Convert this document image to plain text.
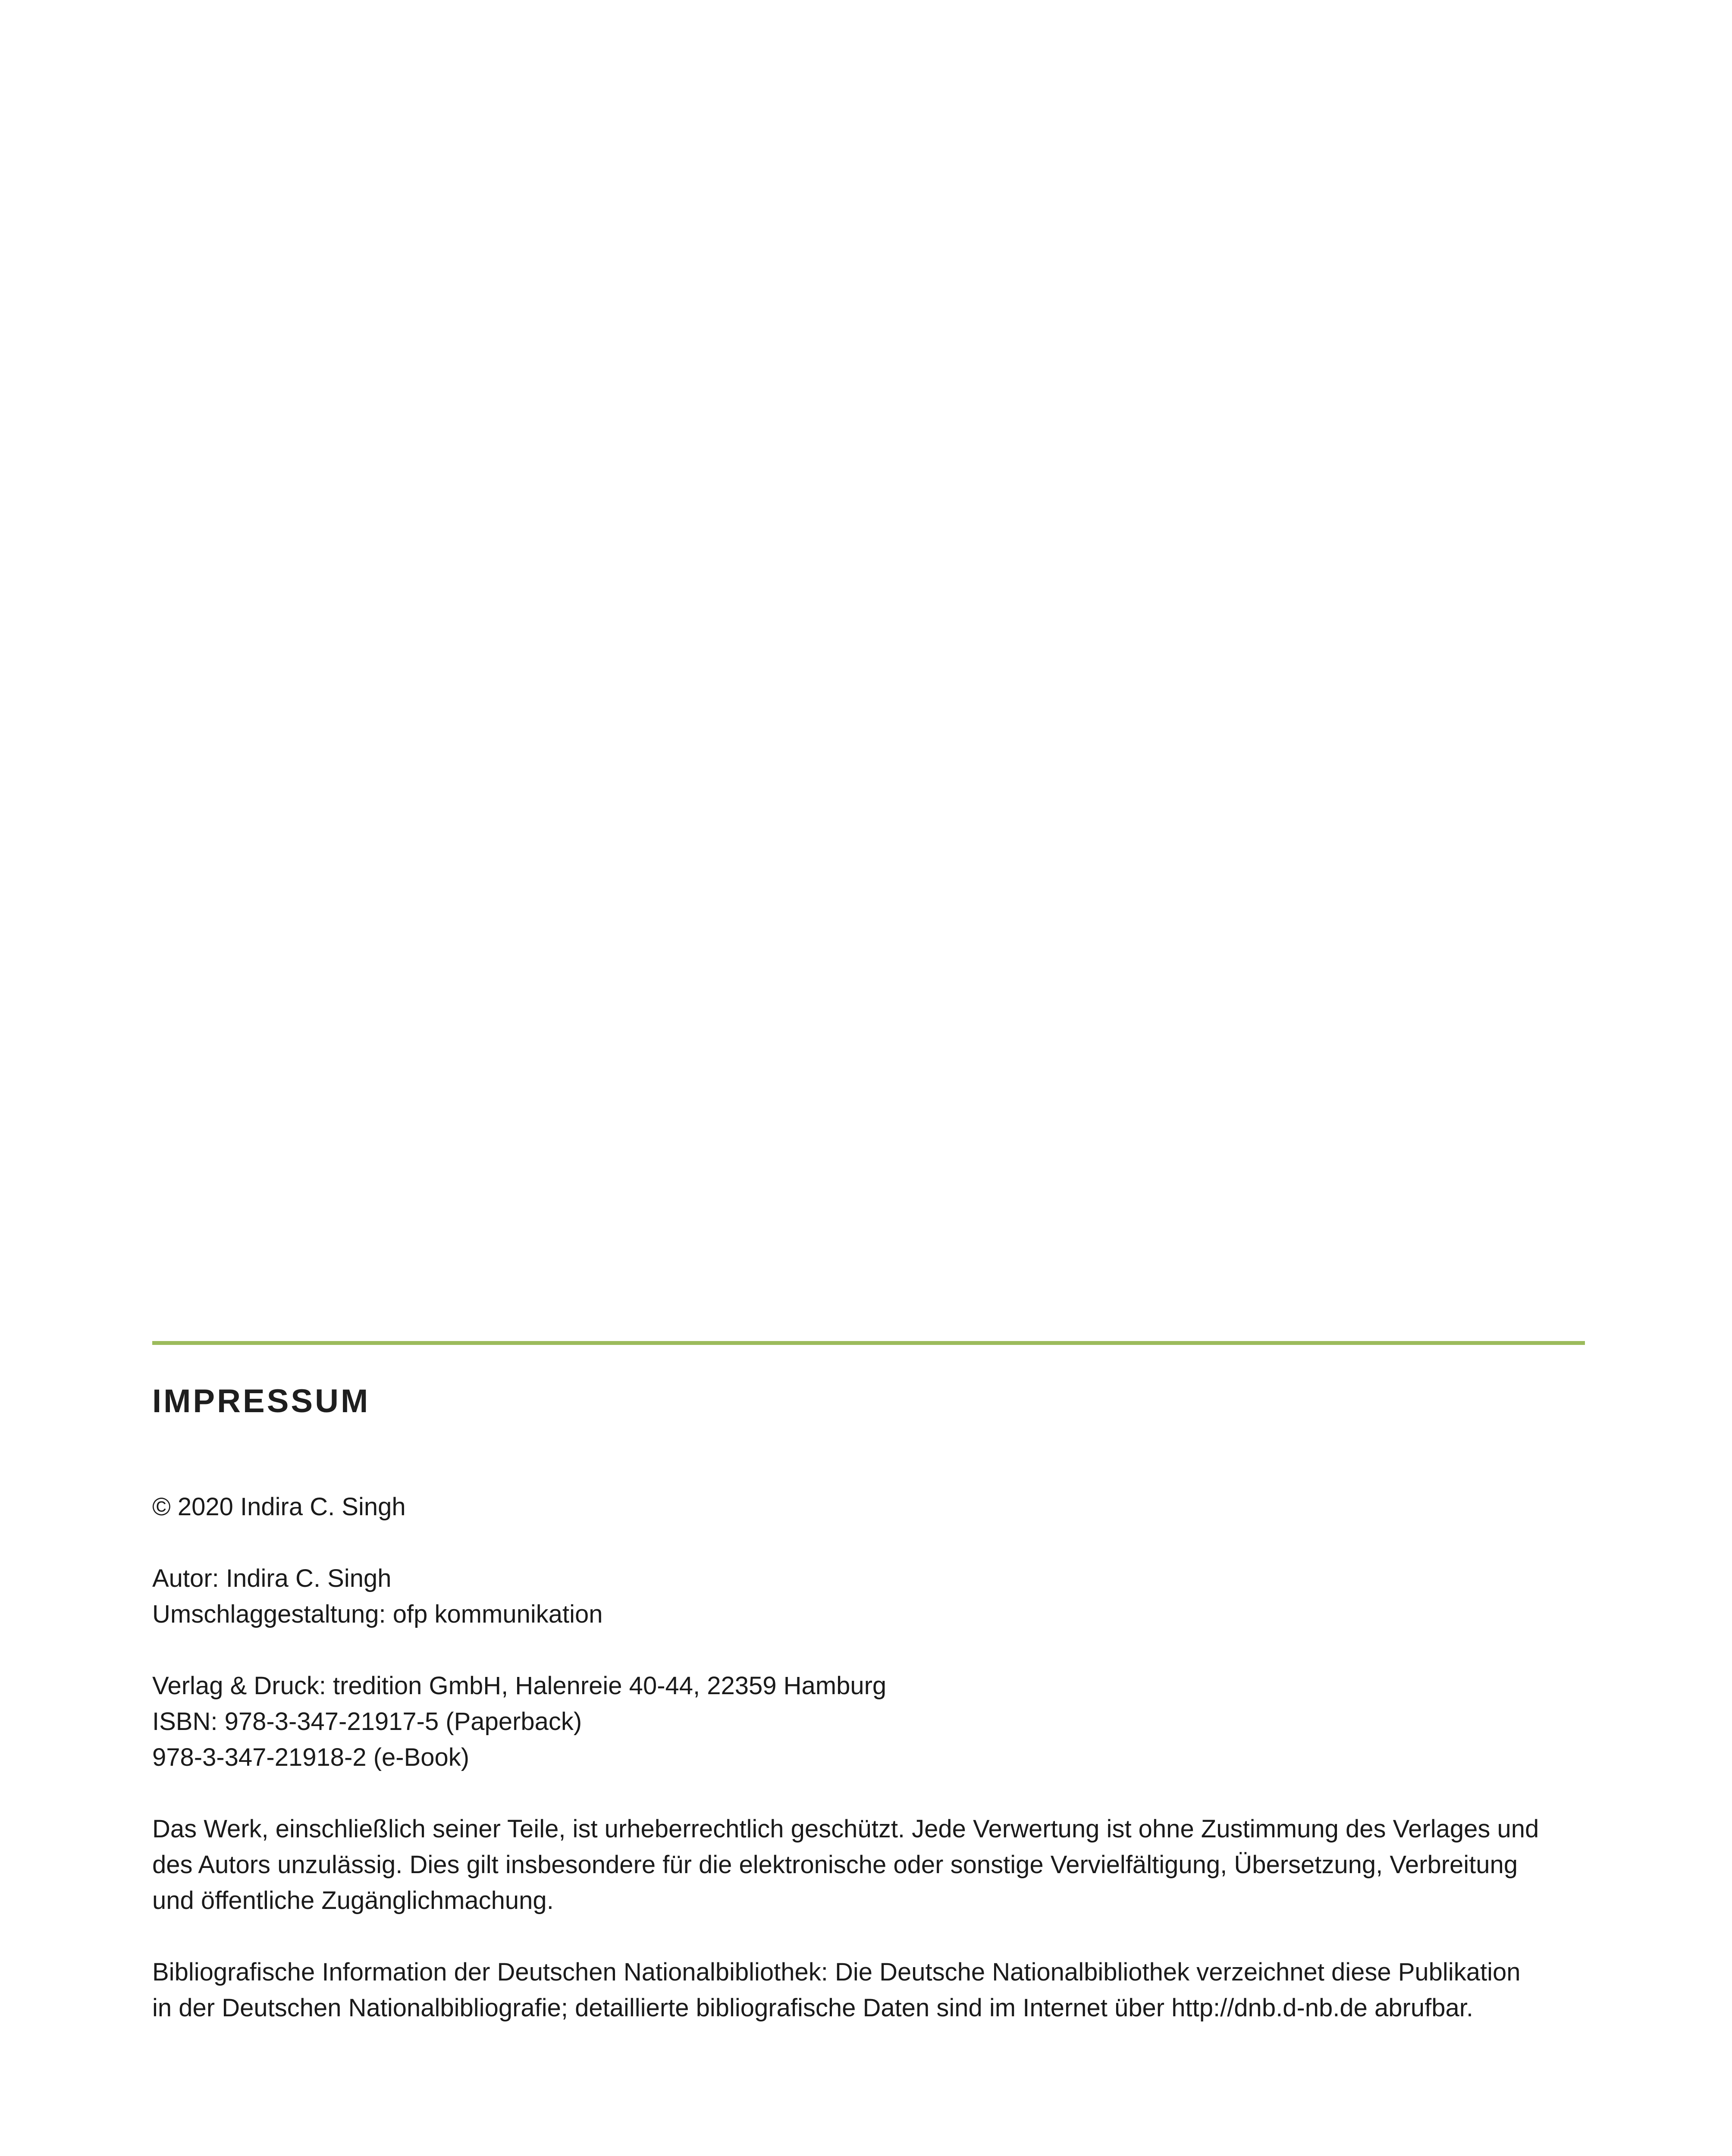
IMPRESSUM
© 2020 Indira C. Singh
Autor: Indira C. Singh
Umschlaggestaltung: ofp kommunikation
Verlag & Druck: tredition GmbH, Halenreie 40-44, 22359 Hamburg
ISBN: 978-3-347-21917-5 (Paperback)
978-3-347-21918-2 (e-Book)
Das Werk, einschließlich seiner Teile, ist urheberrechtlich geschützt. Jede Verwertung ist ohne Zustimmung des Verlages und
des Autors unzulässig. Dies gilt insbesondere für die elektronische oder sonstige Vervielfältigung, Übersetzung, Verbreitung
und öffentliche Zugänglichmachung.
Bibliografische Information der Deutschen Nationalbibliothek: Die Deutsche Nationalbibliothek verzeichnet diese Publikation
in der Deutschen Nationalbibliografie; detaillierte bibliografische Daten sind im Internet über http://dnb.d-nb.de abrufbar.
